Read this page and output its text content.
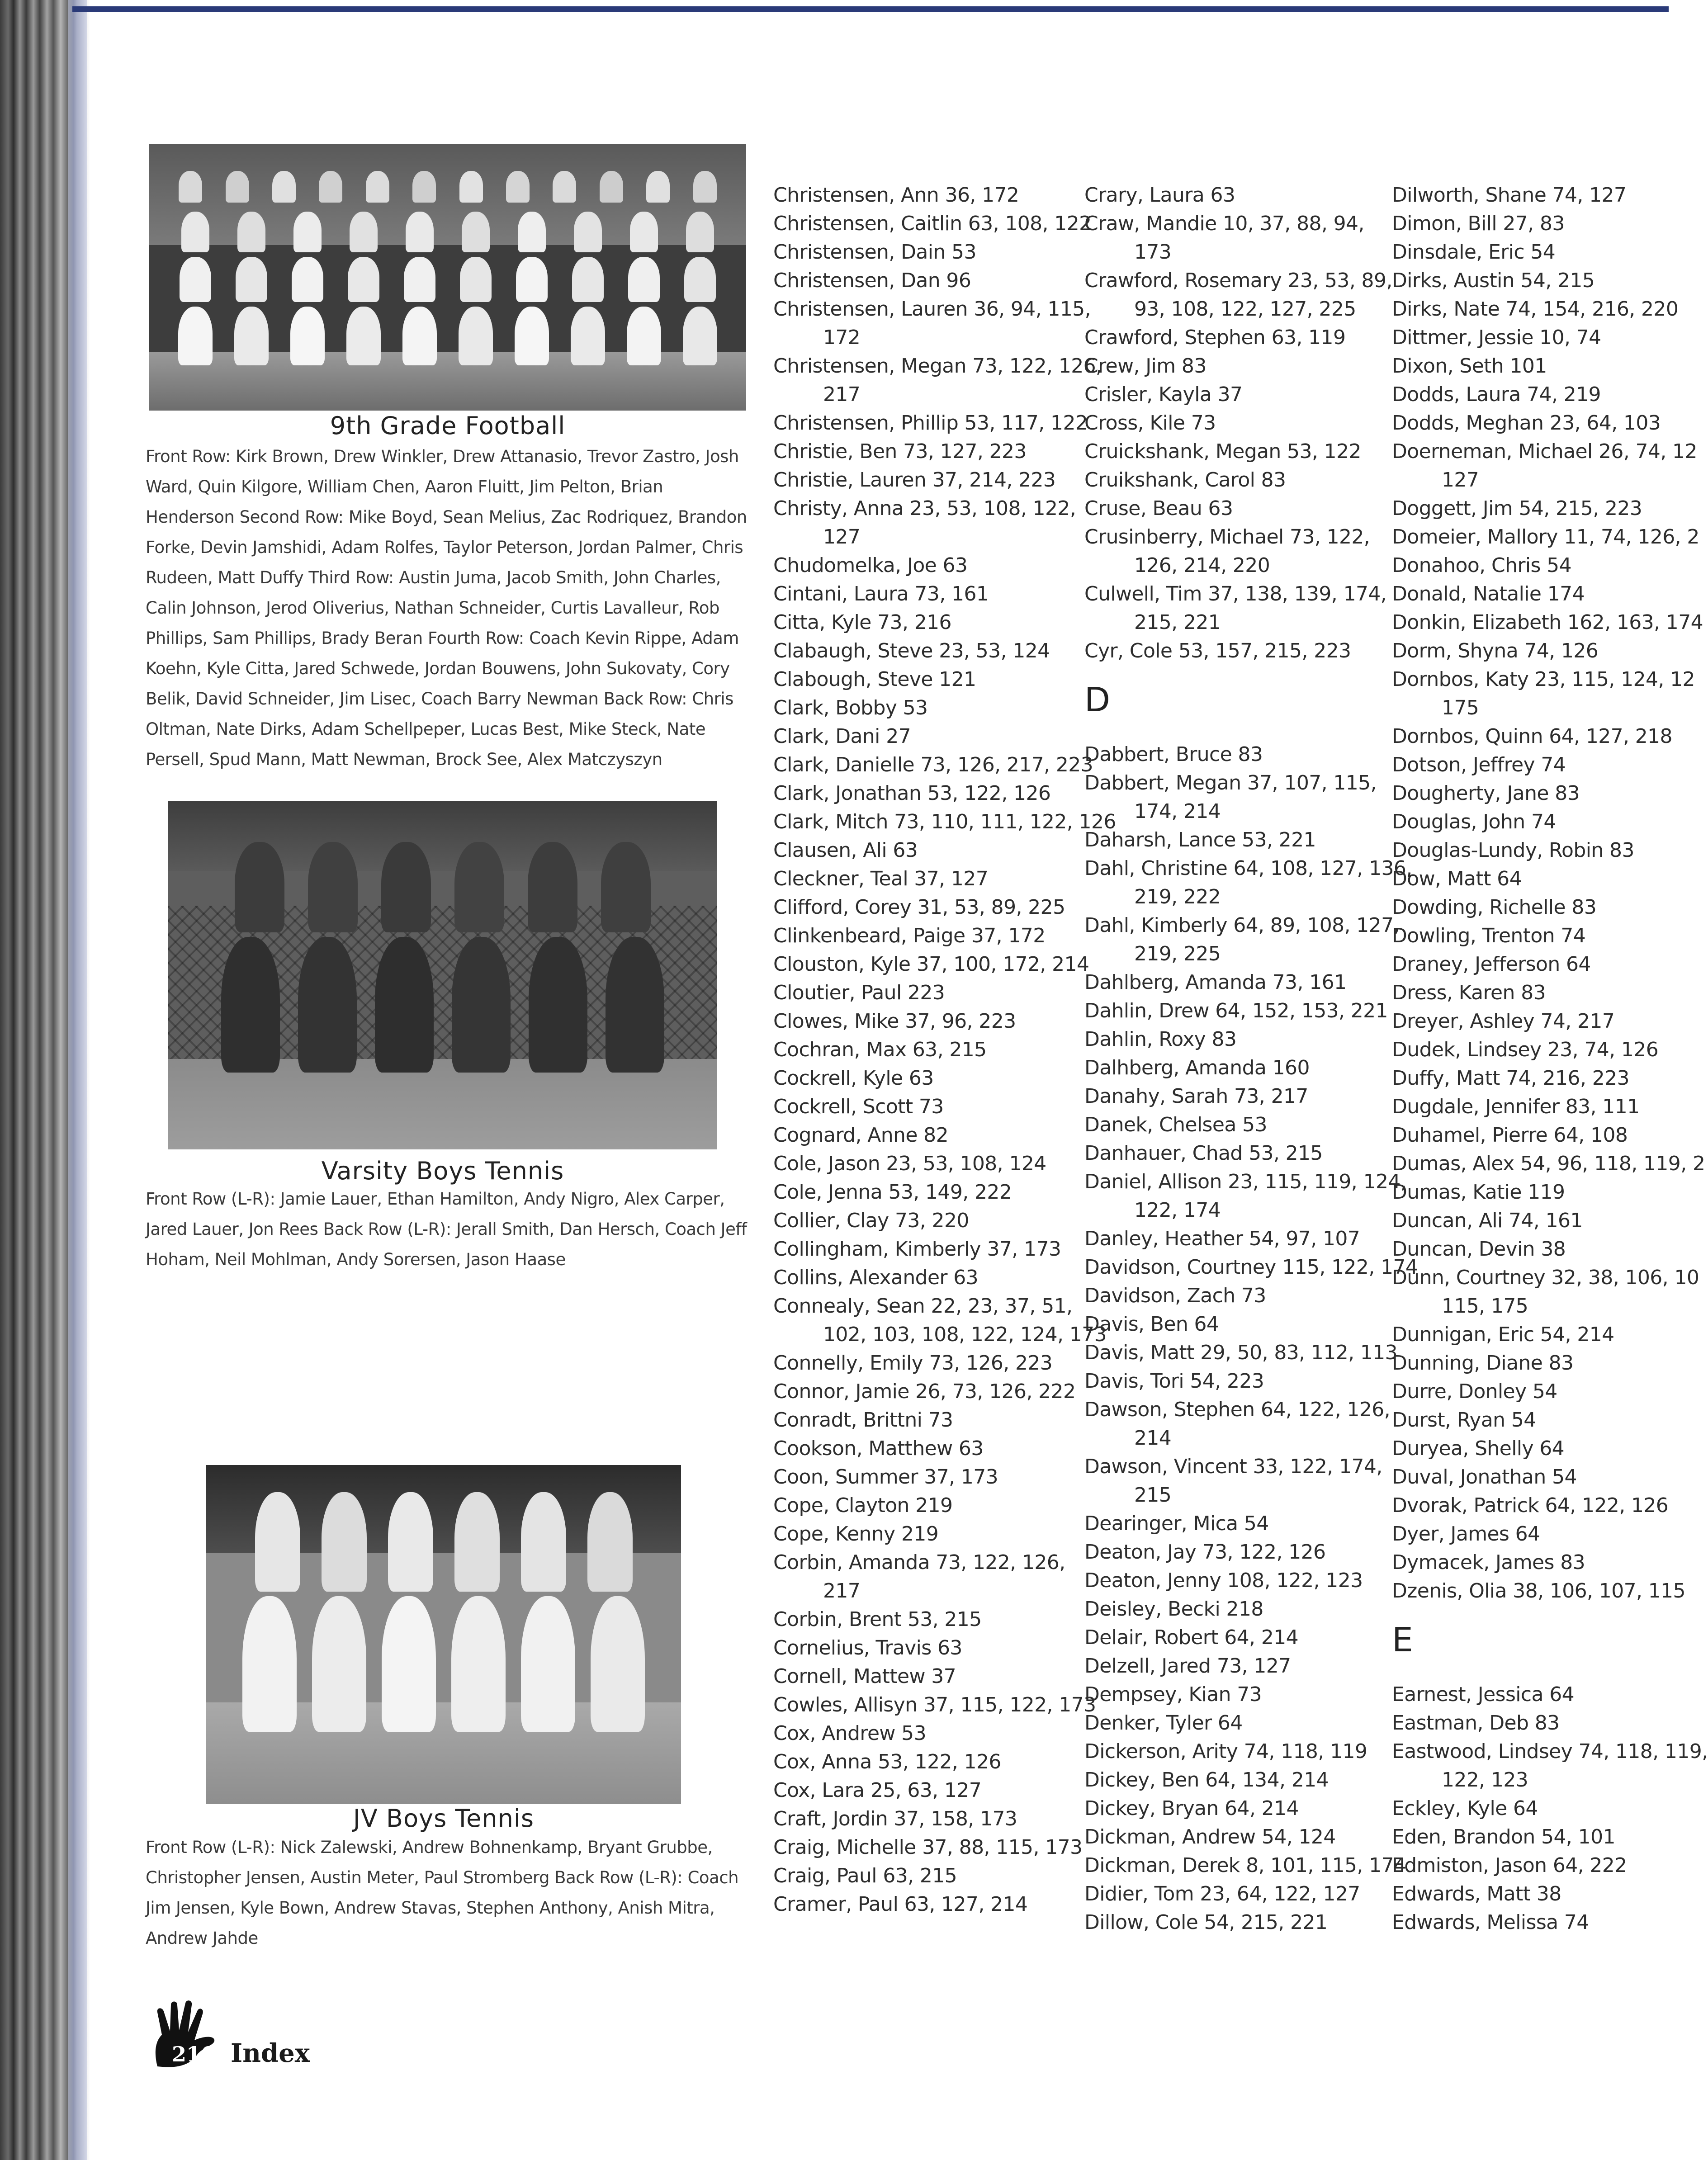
9th Grade Football
Front Row: Kirk Brown, Drew Winkler, Drew Attanasio, Trevor Zastro, Josh Ward, Quin Kilgore, William Chen, Aaron Fluitt, Jim Pelton, Brian Henderson Second Row: Mike Boyd, Sean Melius, Zac Rodriquez, Brandon Forke, Devin Jamshidi, Adam Rolfes, Taylor Peterson, Jordan Palmer, Chris Rudeen, Matt Duffy Third Row: Austin Juma, Jacob Smith, John Charles, Calin Johnson, Jerod Oliverius, Nathan Schneider, Curtis Lavalleur, Rob Phillips, Sam Phillips, Brady Beran Fourth Row: Coach Kevin Rippe, Adam Koehn, Kyle Citta, Jared Schwede, Jordan Bouwens, John Sukovaty, Cory Belik, David Schneider, Jim Lisec, Coach Barry Newman Back Row: Chris Oltman, Nate Dirks, Adam Schellpeper, Lucas Best, Mike Steck, Nate Persell, Spud Mann, Matt Newman, Brock See, Alex Matczyszyn
Varsity Boys Tennis
Front Row (L-R): Jamie Lauer, Ethan Hamilton, Andy Nigro, Alex Carper, Jared Lauer, Jon Rees Back Row (L-R): Jerall Smith, Dan Hersch, Coach Jeff Hoham, Neil Mohlman, Andy Sorersen, Jason Haase
JV Boys Tennis
Front Row (L-R): Nick Zalewski, Andrew Bohnenkamp, Bryant Grubbe, Christopher Jensen, Austin Meter, Paul Stromberg Back Row (L-R): Coach Jim Jensen, Kyle Bown, Andrew Stavas, Stephen Anthony, Anish Mitra, Andrew Jahde
Christensen, Ann 36, 172
Christensen, Caitlin 63, 108, 122
Christensen, Dain 53
Christensen, Dan 96
Christensen, Lauren 36, 94, 115,
172
Christensen, Megan 73, 122, 126,
217
Christensen, Phillip 53, 117, 122
Christie, Ben 73, 127, 223
Christie, Lauren 37, 214, 223
Christy, Anna 23, 53, 108, 122,
127
Chudomelka, Joe 63
Cintani, Laura 73, 161
Citta, Kyle 73, 216
Clabaugh, Steve 23, 53, 124
Clabough, Steve 121
Clark, Bobby 53
Clark, Dani 27
Clark, Danielle 73, 126, 217, 223
Clark, Jonathan 53, 122, 126
Clark, Mitch 73, 110, 111, 122, 126
Clausen, Ali 63
Cleckner, Teal 37, 127
Clifford, Corey 31, 53, 89, 225
Clinkenbeard, Paige 37, 172
Clouston, Kyle 37, 100, 172, 214
Cloutier, Paul 223
Clowes, Mike 37, 96, 223
Cochran, Max 63, 215
Cockrell, Kyle 63
Cockrell, Scott 73
Cognard, Anne 82
Cole, Jason 23, 53, 108, 124
Cole, Jenna 53, 149, 222
Collier, Clay 73, 220
Collingham, Kimberly 37, 173
Collins, Alexander 63
Connealy, Sean 22, 23, 37, 51,
102, 103, 108, 122, 124, 173
Connelly, Emily 73, 126, 223
Connor, Jamie 26, 73, 126, 222
Conradt, Brittni 73
Cookson, Matthew 63
Coon, Summer 37, 173
Cope, Clayton 219
Cope, Kenny 219
Corbin, Amanda 73, 122, 126,
217
Corbin, Brent 53, 215
Cornelius, Travis 63
Cornell, Mattew 37
Cowles, Allisyn 37, 115, 122, 173
Cox, Andrew 53
Cox, Anna 53, 122, 126
Cox, Lara 25, 63, 127
Craft, Jordin 37, 158, 173
Craig, Michelle 37, 88, 115, 173
Craig, Paul 63, 215
Cramer, Paul 63, 127, 214
Crary, Laura 63
Craw, Mandie 10, 37, 88, 94,
173
Crawford, Rosemary 23, 53, 89,
93, 108, 122, 127, 225
Crawford, Stephen 63, 119
Crew, Jim 83
Crisler, Kayla 37
Cross, Kile 73
Cruickshank, Megan 53, 122
Cruikshank, Carol 83
Cruse, Beau 63
Crusinberry, Michael 73, 122,
126, 214, 220
Culwell, Tim 37, 138, 139, 174,
215, 221
Cyr, Cole 53, 157, 215, 223
D
Dabbert, Bruce 83
Dabbert, Megan 37, 107, 115,
174, 214
Daharsh, Lance 53, 221
Dahl, Christine 64, 108, 127, 136,
219, 222
Dahl, Kimberly 64, 89, 108, 127,
219, 225
Dahlberg, Amanda 73, 161
Dahlin, Drew 64, 152, 153, 221
Dahlin, Roxy 83
Dalhberg, Amanda 160
Danahy, Sarah 73, 217
Danek, Chelsea 53
Danhauer, Chad 53, 215
Daniel, Allison 23, 115, 119, 124,
122, 174
Danley, Heather 54, 97, 107
Davidson, Courtney 115, 122, 174
Davidson, Zach 73
Davis, Ben 64
Davis, Matt 29, 50, 83, 112, 113
Davis, Tori 54, 223
Dawson, Stephen 64, 122, 126,
214
Dawson, Vincent 33, 122, 174,
215
Dearinger, Mica 54
Deaton, Jay 73, 122, 126
Deaton, Jenny 108, 122, 123
Deisley, Becki 218
Delair, Robert 64, 214
Delzell, Jared 73, 127
Dempsey, Kian 73
Denker, Tyler 64
Dickerson, Arity 74, 118, 119
Dickey, Ben 64, 134, 214
Dickey, Bryan 64, 214
Dickman, Andrew 54, 124
Dickman, Derek 8, 101, 115, 174
Didier, Tom 23, 64, 122, 127
Dillow, Cole 54, 215, 221
Dilworth, Shane 74, 127
Dimon, Bill 27, 83
Dinsdale, Eric 54
Dirks, Austin 54, 215
Dirks, Nate 74, 154, 216, 220
Dittmer, Jessie 10, 74
Dixon, Seth 101
Dodds, Laura 74, 219
Dodds, Meghan 23, 64, 103
Doerneman, Michael 26, 74, 12
127
Doggett, Jim 54, 215, 223
Domeier, Mallory 11, 74, 126, 2
Donahoo, Chris 54
Donald, Natalie 174
Donkin, Elizabeth 162, 163, 174
Dorm, Shyna 74, 126
Dornbos, Katy 23, 115, 124, 12
175
Dornbos, Quinn 64, 127, 218
Dotson, Jeffrey 74
Dougherty, Jane 83
Douglas, John 74
Douglas-Lundy, Robin 83
Dow, Matt 64
Dowding, Richelle 83
Dowling, Trenton 74
Draney, Jefferson 64
Dress, Karen 83
Dreyer, Ashley 74, 217
Dudek, Lindsey 23, 74, 126
Duffy, Matt 74, 216, 223
Dugdale, Jennifer 83, 111
Duhamel, Pierre 64, 108
Dumas, Alex 54, 96, 118, 119, 2
Dumas, Katie 119
Duncan, Ali 74, 161
Duncan, Devin 38
Dunn, Courtney 32, 38, 106, 10
115, 175
Dunnigan, Eric 54, 214
Dunning, Diane 83
Durre, Donley 54
Durst, Ryan 54
Duryea, Shelly 64
Duval, Jonathan 54
Dvorak, Patrick 64, 122, 126
Dyer, James 64
Dymacek, James 83
Dzenis, Olia 38, 106, 107, 115
E
Earnest, Jessica 64
Eastman, Deb 83
Eastwood, Lindsey 74, 118, 119,
122, 123
Eckley, Kyle 64
Eden, Brandon 54, 101
Edmiston, Jason 64, 222
Edwards, Matt 38
Edwards, Melissa 74
216 Index
